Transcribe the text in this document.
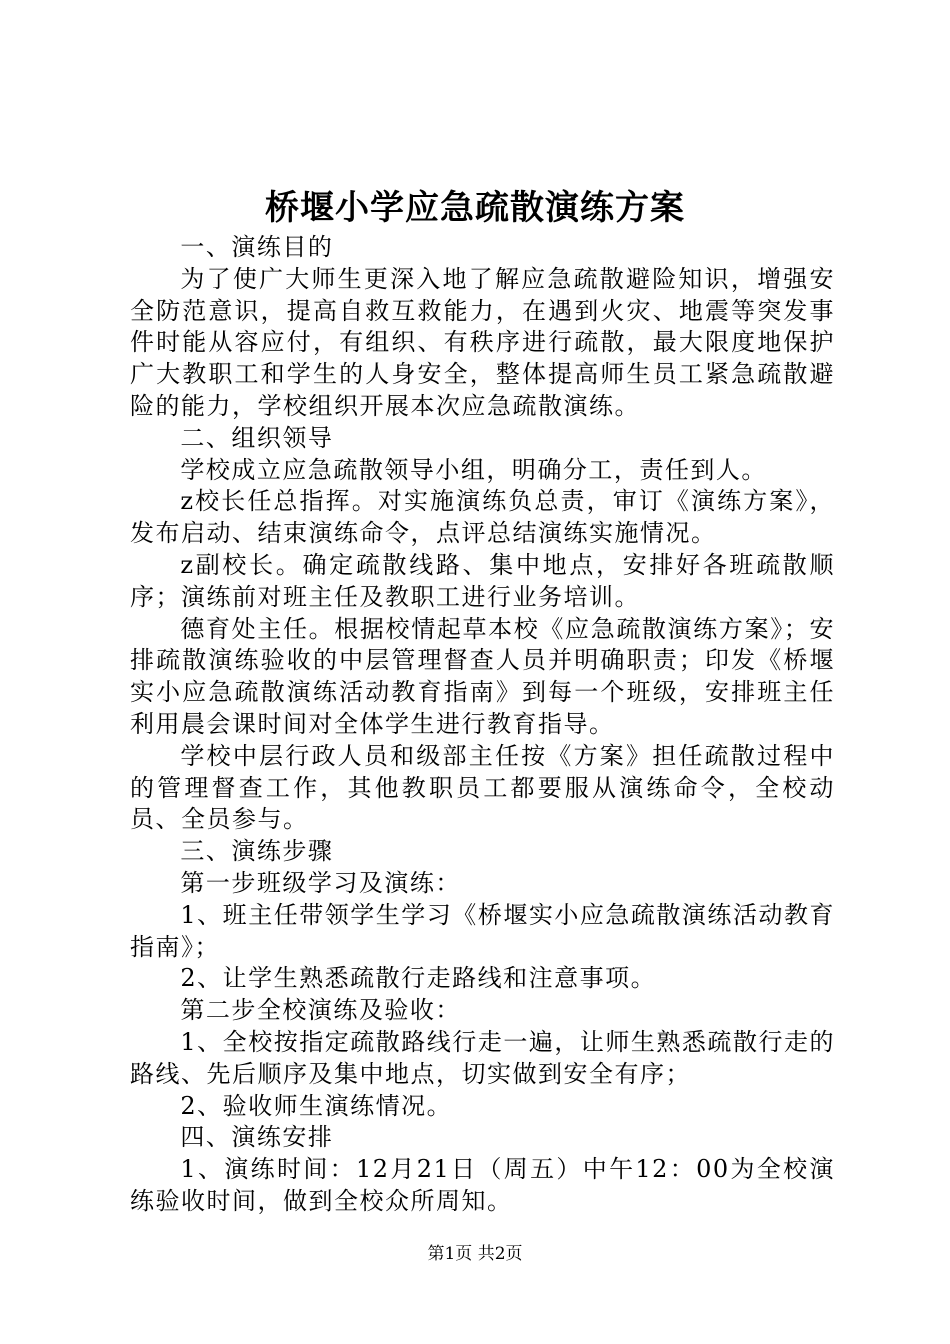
桥堰小学应急疏散演练方案

一、演练目的

为了使广大师生更深入地了解应急疏散避险知识，增强安全防范意识，提高自救互救能力，在遇到火灾、地震等突发事件时能从容应付，有组织、有秩序进行疏散，最大限度地保护广大教职工和学生的人身安全，整体提高师生员工紧急疏散避险的能力，学校组织开展本次应急疏散演练。

二、组织领导

学校成立应急疏散领导小组，明确分工，责任到人。

z校长任总指挥。对实施演练负总责，审订《演练方案》，发布启动、结束演练命令，点评总结演练实施情况。

z副校长。确定疏散线路、集中地点，安排好各班疏散顺序；演练前对班主任及教职工进行业务培训。

德育处主任。根据校情起草本校《应急疏散演练方案》；安排疏散演练验收的中层管理督查人员并明确职责；印发《桥堰实小应急疏散演练活动教育指南》到每一个班级，安排班主任利用晨会课时间对全体学生进行教育指导。

学校中层行政人员和级部主任按《方案》担任疏散过程中的管理督查工作，其他教职员工都要服从演练命令，全校动员、全员参与。

三、演练步骤

第一步班级学习及演练：

1、班主任带领学生学习《桥堰实小应急疏散演练活动教育指南》；

2、让学生熟悉疏散行走路线和注意事项。

第二步全校演练及验收：

1、全校按指定疏散路线行走一遍，让师生熟悉疏散行走的路线、先后顺序及集中地点，切实做到安全有序；

2、验收师生演练情况。

四、演练安排

1、演练时间：12月21日（周五）中午12：00为全校演练验收时间，做到全校众所周知。

第1页 共2页
